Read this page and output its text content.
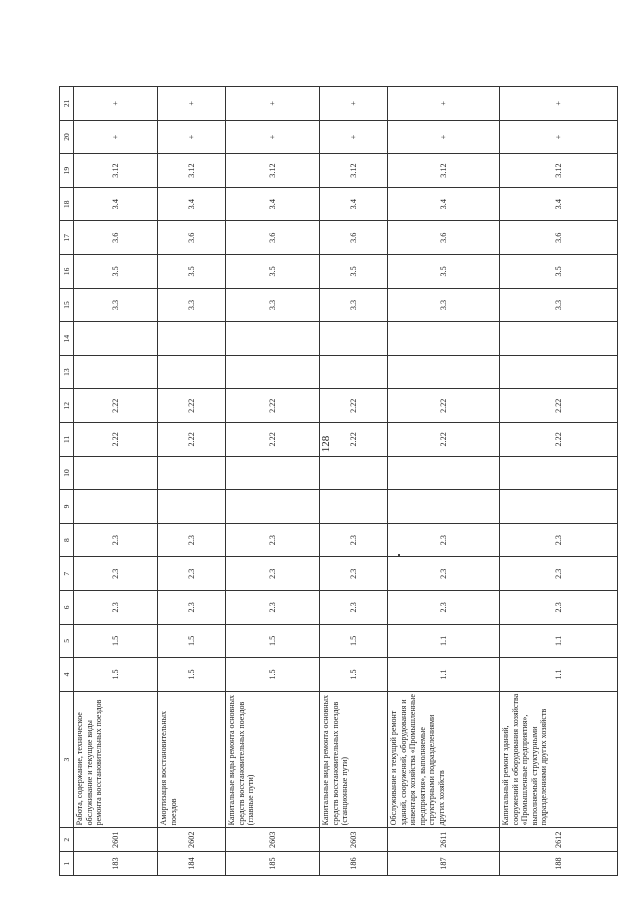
128
1	2	3	4	5	6	7	8	9	10	11	12	13	14	15	16	17	18	19	20	21
183	2601	Работа, содержание, техническое обслуживание и текущие виды ремонта восстановительных поездов	1.5	1.5	2.3	2.3	2.3			2.22	2.22			3.3	3.5	3.6	3.4	3.12	+	+
184	2602	Амортизация восстановительных поездов	1.5	1.5	2.3	2.3	2.3			2.22	2.22			3.3	3.5	3.6	3.4	3.12	+	+
185	2603	Капитальные виды ремонта основных средств восстановительных поездов (главные пути)	1.5	1.5	2.3	2.3	2.3			2.22	2.22			3.3	3.5	3.6	3.4	3.12	+	+
186	2603	Капитальные виды ремонта основных средств восстановительных поездов (станционные пути)	1.5	1.5	2.3	2.3	2.3			2.22	2.22			3.3	3.5	3.6	3.4	3.12	+	+
187	2611	Обслуживание и текущий ремонт зданий, сооружений, оборудования и инвентаря хозяйства «Промышленные предприятия», выполняемые структурными подразделениями других хозяйств	1.1	1.1	2.3	2.3	2.3			2.22	2.22			3.3	3.5	3.6	3.4	3.12	+	+
188	2612	Капитальный ремонт зданий, сооружений и оборудования хозяйства «Промышленные предприятия», выполняемый структурными подразделениями других хозяйств	1.1	1.1	2.3	2.3	2.3			2.22	2.22			3.3	3.5	3.6	3.4	3.12	+	+
